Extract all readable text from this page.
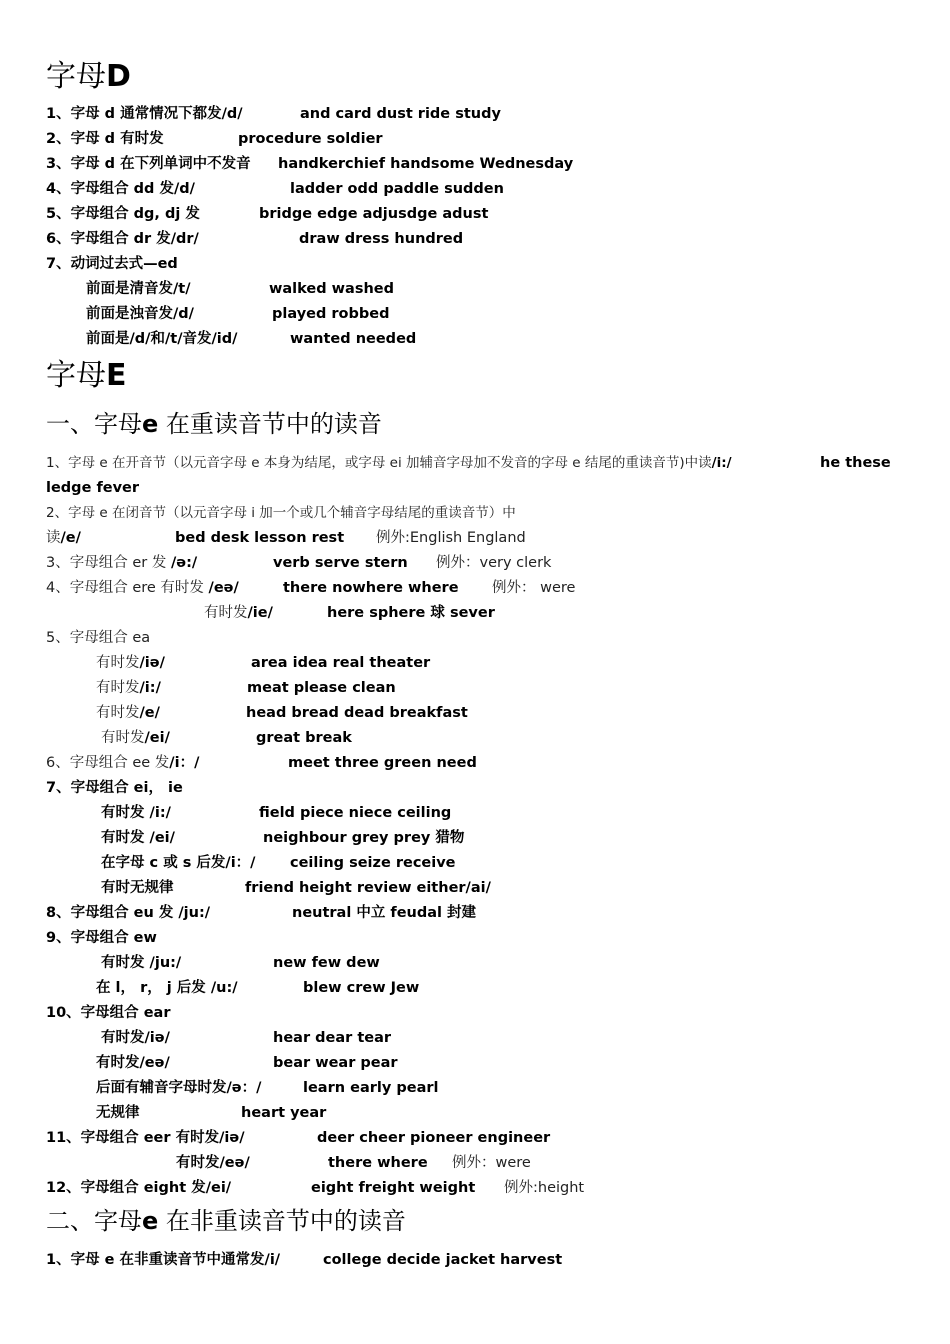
字母D
1、字母 d 通常情况下都发/d/	and card dust ride study
2、字母 d 有时发	procedure soldier
3、字母 d 在下列单词中不发音 handkerchief handsome Wednesday
4、字母组合 dd 发/d/	ladder odd paddle sudden
5、字母组合 dg, dj 发	bridge edge adjusdge adust
6、字母组合 dr 发/dr/	draw dress hundred
7、动词过去式—ed
前面是清音发/t/	walked washed
前面是浊音发/d/	played robbed
前面是/d/和/t/音发/id/	wanted needed
字母E
一、字母e 在重读音节中的读音
1、字母 e 在开音节（以元音字母 e 本身为结尾，或字母 ei 加辅音字母加不发音的字母 e 结尾的重读音节)中读/i:/	he these
ledge fever
2、字母 e 在闭音节（以元音字母 i 加一个或几个辅音字母结尾的重读音节）中
读/e/	bed desk lesson rest 例外:English England
3、字母组合 er 发 /ə:/	verb serve stern 例外：very clerk
4、字母组合 ere 有时发 /eə/	there nowhere where 例外： were
有时发/ie/	here sphere 球 sever
5、字母组合 ea
有时发/iə/	area idea real theater
有时发/i:/	meat please clean
有时发/e/	head bread dead breakfast
有时发/ei/	great break
6、字母组合 ee 发/i：/	meet three green need
7、字母组合 ei， ie
有时发 /i:/	field piece niece ceiling
有时发 /ei/	neighbour grey prey 猎物
在字母 c 或 s 后发/i：/ ceiling seize receive
有时无规律	friend height review either/ai/
8、字母组合 eu 发 /ju:/	neutral 中立 feudal 封建
9、字母组合 ew
有时发 /ju:/	new few dew
在 l， r， j 后发 /u:/	blew crew Jew
10、字母组合 ear
有时发/iə/	hear dear tear
有时发/eə/	bear wear pear
后面有辅音字母时发/ə：/	learn early pearl
无规律	heart year
11、字母组合 eer 有时发/iə/	deer cheer pioneer engineer
有时发/eə/	there where 例外：were
12、字母组合 eight 发/ei/	eight freight weight 例外:height
二、字母e 在非重读音节中的读音
1、字母 e 在非重读音节中通常发/i/	college decide jacket harvest
